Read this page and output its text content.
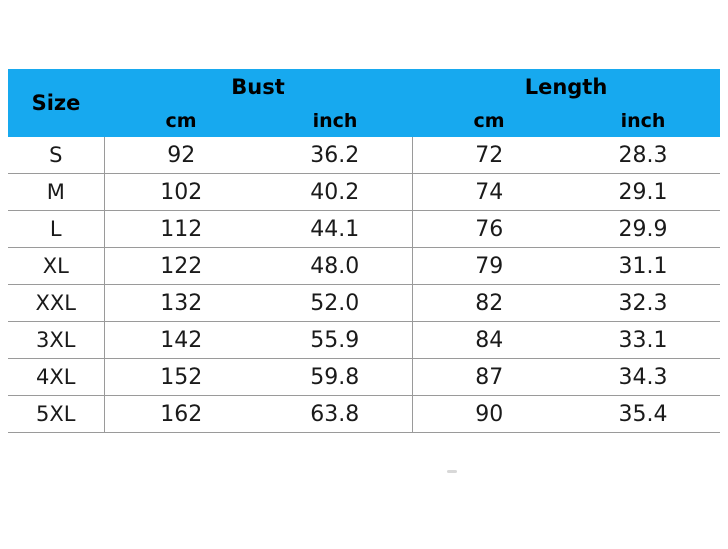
Size	Bust		Length	
	cm	inch	cm	inch
S	92	36.2	72	28.3
M	102	40.2	74	29.1
L	112	44.1	76	29.9
XL	122	48.0	79	31.1
XXL	132	52.0	82	32.3
3XL	142	55.9	84	33.1
4XL	152	59.8	87	34.3
5XL	162	63.8	90	35.4
